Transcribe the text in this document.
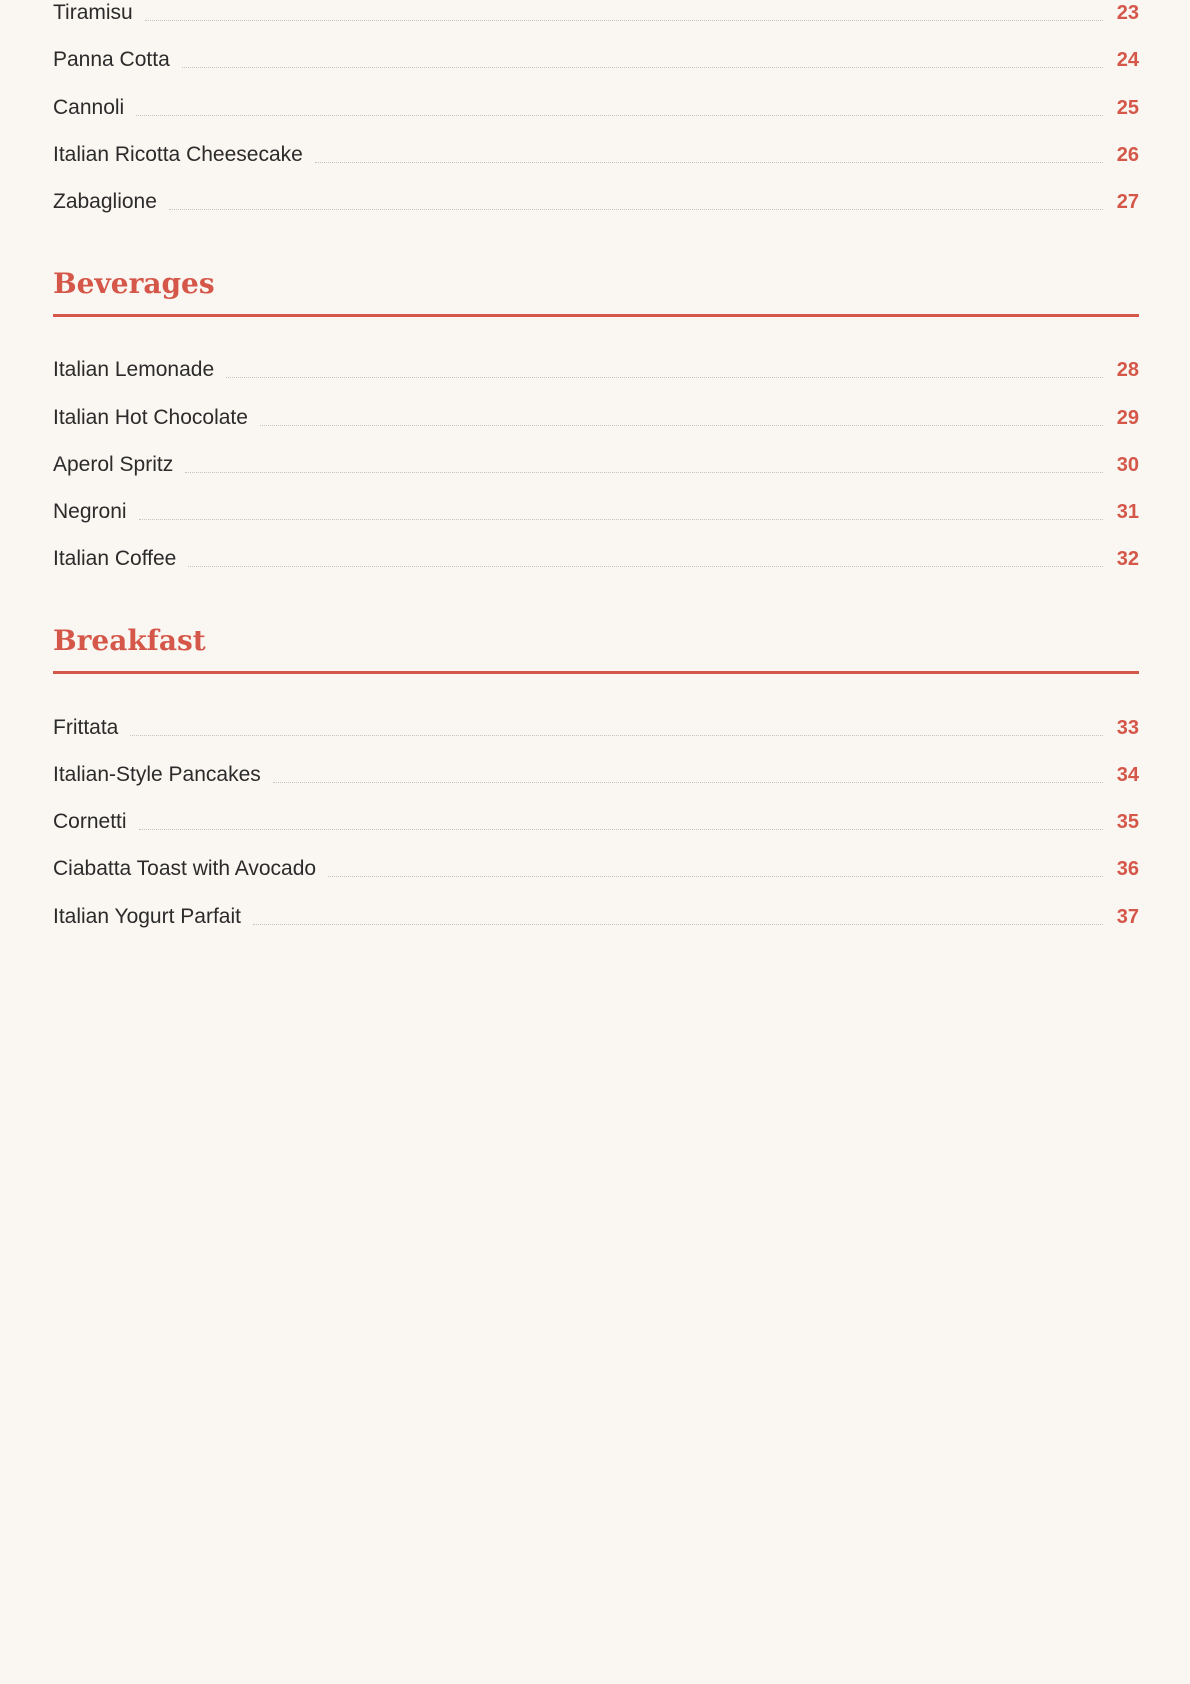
Tiramisu	23
Panna Cotta	24
Cannoli	25
Italian Ricotta Cheesecake	26
Zabaglione	27
Beverages
Italian Lemonade	28
Italian Hot Chocolate	29
Aperol Spritz	30
Negroni	31
Italian Coffee	32
Breakfast
Frittata	33
Italian-Style Pancakes	34
Cornetti	35
Ciabatta Toast with Avocado	36
Italian Yogurt Parfait	37
